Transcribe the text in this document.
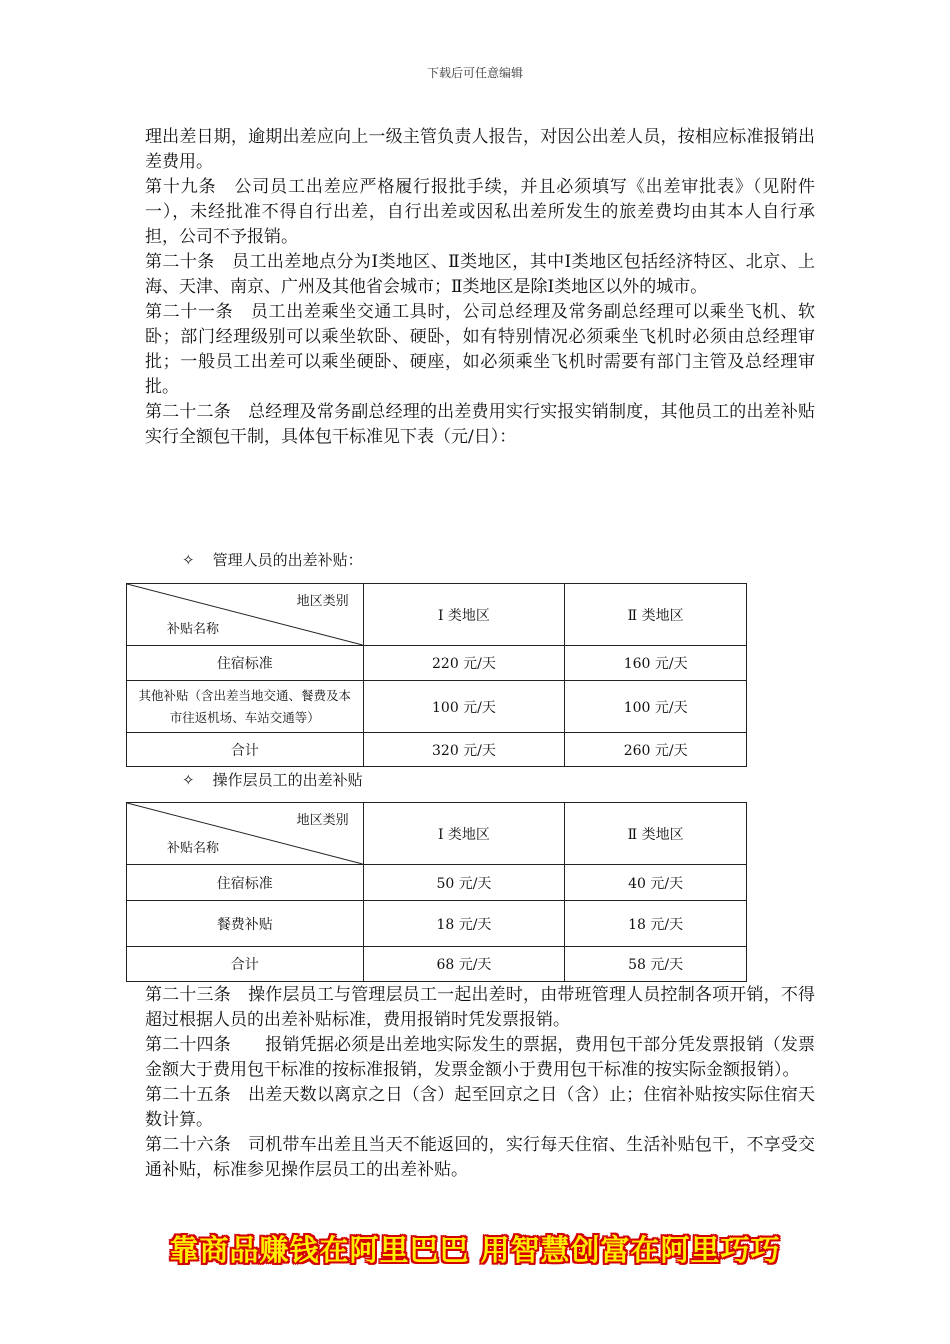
下载后可任意编辑

理出差日期，逾期出差应向上一级主管负责人报告，对因公出差人员，按相应标准报销出差费用。

第十九条　公司员工出差应严格履行报批手续，并且必须填写《出差审批表》（见附件一），未经批准不得自行出差，自行出差或因私出差所发生的旅差费均由其本人自行承担，公司不予报销。

第二十条　员工出差地点分为Ⅰ类地区、Ⅱ类地区，其中Ⅰ类地区包括经济特区、北京、上海、天津、南京、广州及其他省会城市；Ⅱ类地区是除Ⅰ类地区以外的城市。

第二十一条　员工出差乘坐交通工具时，公司总经理及常务副总经理可以乘坐飞机、软卧；部门经理级别可以乘坐软卧、硬卧，如有特别情况必须乘坐飞机时必须由总经理审批；一般员工出差可以乘坐硬卧、硬座，如必须乘坐飞机时需要有部门主管及总经理审批。

第二十二条　总经理及常务副总经理的出差费用实行实报实销制度，其他员工的出差补贴实行全额包干制，具体包干标准见下表（元/日）：

✧ 管理人员的出差补贴：
地区类别
补贴名称	Ⅰ 类地区	Ⅱ 类地区
住宿标准	220 元/天	160 元/天
其他补贴（含出差当地交通、餐费及本市往返机场、车站交通等）	100 元/天	100 元/天
合计	320 元/天	260 元/天
✧ 操作层员工的出差补贴
地区类别
补贴名称	Ⅰ 类地区	Ⅱ 类地区
住宿标准	50 元/天	40 元/天
餐费补贴	18 元/天	18 元/天
合计	68 元/天	58 元/天

第二十三条　操作层员工与管理层员工一起出差时，由带班管理人员控制各项开销，不得超过根据人员的出差补贴标准，费用报销时凭发票报销。

第二十四条　　报销凭据必须是出差地实际发生的票据，费用包干部分凭发票报销（发票金额大于费用包干标准的按标准报销，发票金额小于费用包干标准的按实际金额报销）。

第二十五条　出差天数以离京之日（含）起至回京之日（含）止；住宿补贴按实际住宿天数计算。

第二十六条　司机带车出差且当天不能返回的，实行每天住宿、生活补贴包干，不享受交通补贴，标准参见操作层员工的出差补贴。

靠商品赚钱在阿里巴巴 用智慧创富在阿里巧巧
